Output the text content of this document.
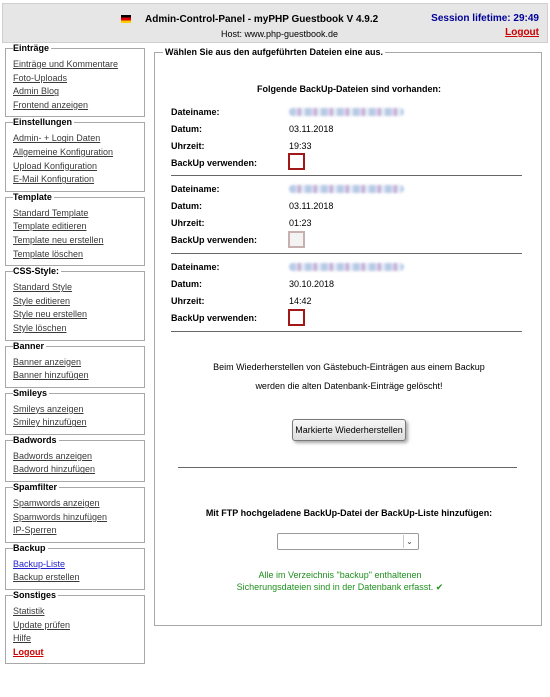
Admin-Control-Panel - myPHP Guestbook V 4.9.2
Host: www.php-guestbook.de
Session lifetime: 29:49
Logout
Einträge
Einträge und Kommentare
Foto-Uploads
Admin Blog
Frontend anzeigen
Einstellungen
Admin- + Login Daten
Allgemeine Konfiguration
Upload Konfiguration
E-Mail Konfiguration
Template
Standard Template
Template editieren
Template neu erstellen
Template löschen
CSS-Style:
Standard Style
Style editieren
Style neu erstellen
Style löschen
Banner
Banner anzeigen
Banner hinzufügen
Smileys
Smileys anzeigen
Smiley hinzufügen
Badwords
Badwords anzeigen
Badword hinzufügen
Spamfilter
Spamwords anzeigen
Spamwords hinzufügen
IP-Sperren
Backup
Backup-Liste
Backup erstellen
Sonstiges
Statistik
Update prüfen
Hilfe
Logout
Wählen Sie aus den aufgeführten Dateien eine aus.
Folgende BackUp-Dateien sind vorhanden:
Dateiname:
Datum:	03.11.2018
Uhrzeit:	19:33
BackUp verwenden:
Dateiname:
Datum:	03.11.2018
Uhrzeit:	01:23
BackUp verwenden:
Dateiname:
Datum:	30.10.2018
Uhrzeit:	14:42
BackUp verwenden:
Beim Wiederherstellen von Gästebuch-Einträgen aus einem Backup
werden die alten Datenbank-Einträge gelöscht!
Markierte Wiederherstellen
Mit FTP hochgeladene BackUp-Datei der BackUp-Liste hinzufügen:
⌄
Alle im Verzeichnis "backup" enthaltenen
Sicherungsdateien sind in der Datenbank erfasst. ✔
